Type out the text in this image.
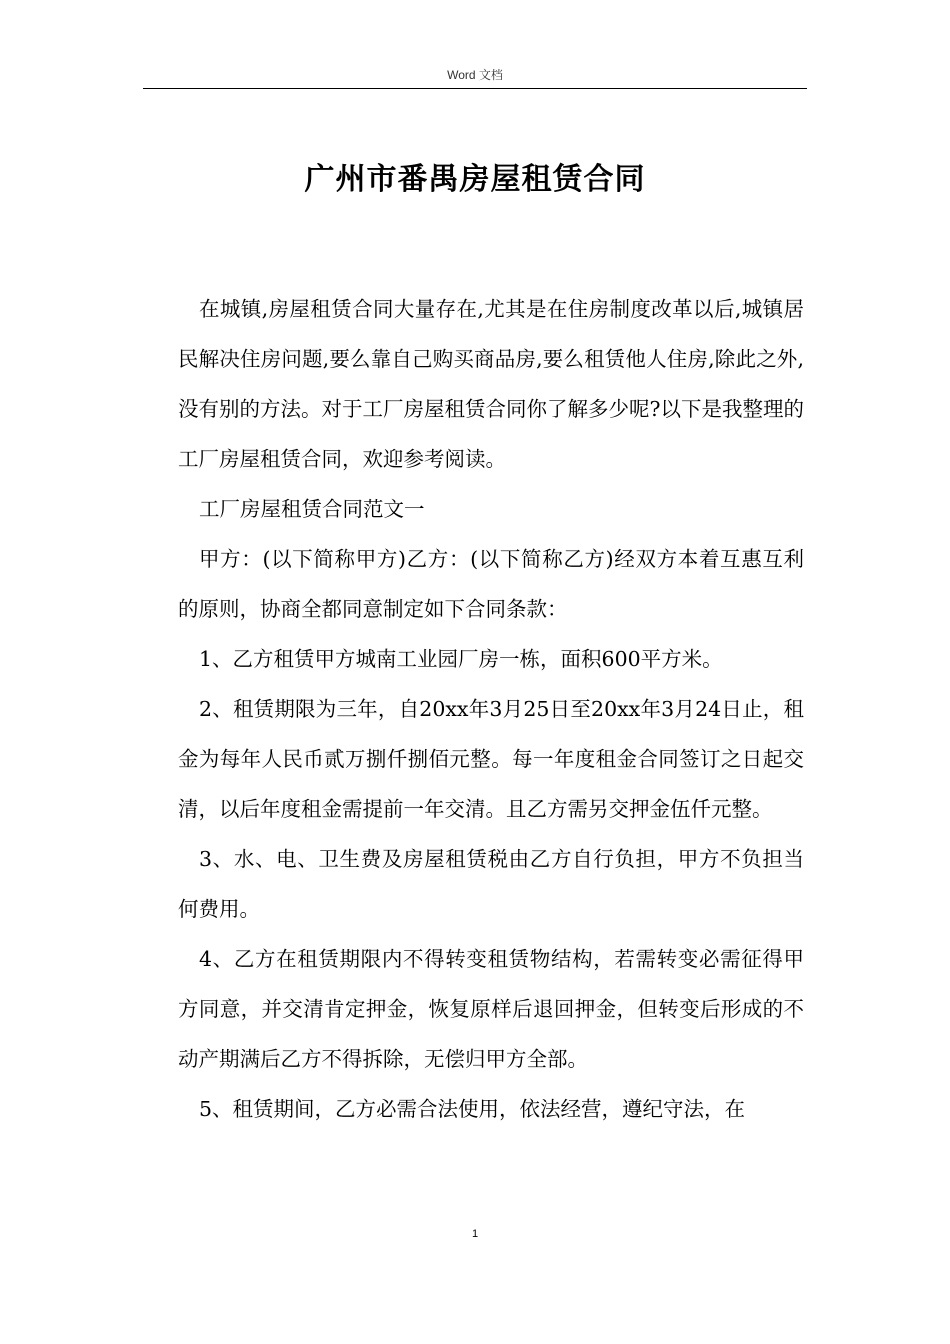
Word 文档
广州市番禺房屋租赁合同

在城镇,房屋租赁合同大量存在,尤其是在住房制度改革以后,城镇居民解决住房问题,要么靠自己购买商品房,要么租赁他人住房,除此之外,没有别的方法。对于工厂房屋租赁合同你了解多少呢?以下是我整理的工厂房屋租赁合同，欢迎参考阅读。

工厂房屋租赁合同范文一

甲方：(以下简称甲方)乙方：(以下简称乙方)经双方本着互惠互利的原则，协商全都同意制定如下合同条款：

1、乙方租赁甲方城南工业园厂房一栋，面积600平方米。

2、租赁期限为三年，自20xx年3月25日至20xx年3月24日止，租金为每年人民币贰万捌仟捌佰元整。每一年度租金合同签订之日起交清，以后年度租金需提前一年交清。且乙方需另交押金伍仟元整。

3、水、电、卫生费及房屋租赁税由乙方自行负担，甲方不负担当何费用。

4、乙方在租赁期限内不得转变租赁物结构，若需转变必需征得甲方同意，并交清肯定押金，恢复原样后退回押金，但转变后形成的不动产期满后乙方不得拆除，无偿归甲方全部。

5、租赁期间，乙方必需合法使用，依法经营，遵纪守法，在

1
